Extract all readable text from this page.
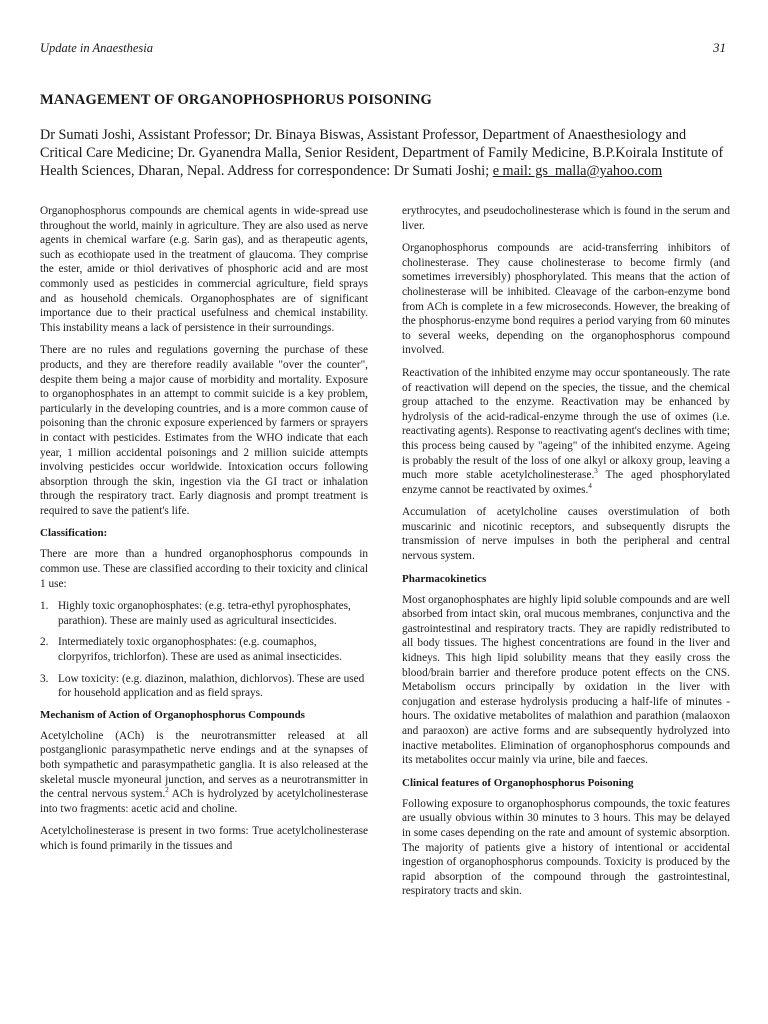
Update in Anaesthesia	31
MANAGEMENT OF ORGANOPHOSPHORUS POISONING

Dr Sumati Joshi, Assistant Professor; Dr. Binaya Biswas, Assistant Professor, Department of Anaesthesiology and Critical Care Medicine; Dr. Gyanendra Malla, Senior Resident, Department of Family Medicine, B.P.Koirala Institute of Health Sciences, Dharan, Nepal. Address for correspondence: Dr Sumati Joshi; e mail: gs_malla@yahoo.com

Organophosphorus compounds are chemical agents in wide-spread use throughout the world, mainly in agriculture. They are also used as nerve agents in chemical warfare (e.g. Sarin gas), and as therapeutic agents, such as ecothiopate used in the treatment of glaucoma. They comprise the ester, amide or thiol derivatives of phosphoric acid and are most commonly used as pesticides in commercial agriculture, field sprays and as household chemicals. Organophosphates are of significant importance due to their practical usefulness and chemical instability. This instability means a lack of persistence in their surroundings.

There are no rules and regulations governing the purchase of these products, and they are therefore readily available "over the counter", despite them being a major cause of morbidity and mortality. Exposure to organophosphates in an attempt to commit suicide is a key problem, particularly in the developing countries, and is a more common cause of poisoning than the chronic exposure experienced by farmers or sprayers in contact with pesticides. Estimates from the WHO indicate that each year, 1 million accidental poisonings and 2 million suicide attempts involving pesticides occur worldwide. Intoxication occurs following absorption through the skin, ingestion via the GI tract or inhalation through the respiratory tract. Early diagnosis and prompt treatment is required to save the patient's life.

Classification:

There are more than a hundred organophosphorus compounds in common use. These are classified according to their toxicity and clinical 1 use:

1. Highly toxic organophosphates: (e.g. tetra-ethyl pyrophosphates, parathion). These are mainly used as agricultural insecticides.
2. Intermediately toxic organophosphates: (e.g. coumaphos, clorpyrifos, trichlorfon). These are used as animal insecticides.
3. Low toxicity: (e.g. diazinon, malathion, dichlorvos). These are used for household application and as field sprays.
Mechanism of Action of Organophosphorus Compounds

Acetylcholine (ACh) is the neurotransmitter released at all postganglionic parasympathetic nerve endings and at the synapses of both sympathetic and parasympathetic ganglia. It is also released at the skeletal muscle myoneural junction, and serves as a neurotransmitter in the central nervous system.$^2$ ACh is hydrolyzed by acetylcholinesterase into two fragments: acetic acid and choline.

Acetylcholinesterase is present in two forms: True acetylcholinesterase which is found primarily in the tissues and

erythrocytes, and pseudocholinesterase which is found in the serum and liver.

Organophosphorus compounds are acid-transferring inhibitors of cholinesterase. They cause cholinesterase to become firmly (and sometimes irreversibly) phosphorylated. This means that the action of cholinesterase will be inhibited. Cleavage of the carbon-enzyme bond from ACh is complete in a few microseconds. However, the breaking of the phosphorus-enzyme bond requires a period varying from 60 minutes to several weeks, depending on the organophosphorus compound involved.

Reactivation of the inhibited enzyme may occur spontaneously. The rate of reactivation will depend on the species, the tissue, and the chemical group attached to the enzyme. Reactivation may be enhanced by hydrolysis of the acid-radical-enzyme through the use of oximes (i.e. reactivating agents). Response to reactivating agent's declines with time; this process being caused by "ageing" of the inhibited enzyme. Ageing is probably the result of the loss of one alkyl or alkoxy group, leaving a much more stable acetylcholinesterase.$^3$ The aged phosphorylated enzyme cannot be reactivated by oximes.$^4$

Accumulation of acetylcholine causes overstimulation of both muscarinic and nicotinic receptors, and subsequently disrupts the transmission of nerve impulses in both the peripheral and central nervous system.

Pharmacokinetics

Most organophosphates are highly lipid soluble compounds and are well absorbed from intact skin, oral mucous membranes, conjunctiva and the gastrointestinal and respiratory tracts. They are rapidly redistributed to all body tissues. The highest concentrations are found in the liver and kidneys. This high lipid solubility means that they easily cross the blood/brain barrier and therefore produce potent effects on the CNS. Metabolism occurs principally by oxidation in the liver with conjugation and esterase hydrolysis producing a half-life of minutes - hours. The oxidative metabolites of malathion and parathion (malaoxon and paraoxon) are active forms and are subsequently hydrolyzed into inactive metabolites. Elimination of organophosphorus compounds and its metabolites occur mainly via urine, bile and faeces.

Clinical features of Organophosphorus Poisoning

Following exposure to organophosphorus compounds, the toxic features are usually obvious within 30 minutes to 3 hours. This may be delayed in some cases depending on the rate and amount of systemic absorption. The majority of patients give a history of intentional or accidental ingestion of organophosphorus compounds. Toxicity is produced by the rapid absorption of the compound through the gastrointestinal, respiratory tracts and skin.
